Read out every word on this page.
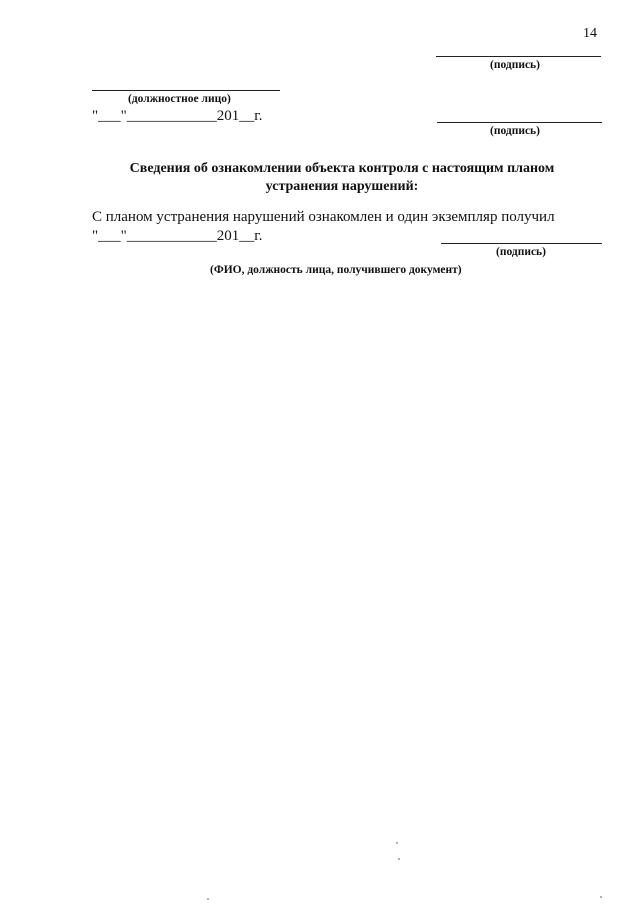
14
(подпись)
(должностное лицо)
"___"____________201__г.
(подпись)
Сведения об ознакомлении объекта контроля с настоящим планом
устранения нарушений:
С планом устранения нарушений ознакомлен и один экземпляр получил
"___"____________201__г.
(подпись)
(ФИО, должность лица, получившего документ)
